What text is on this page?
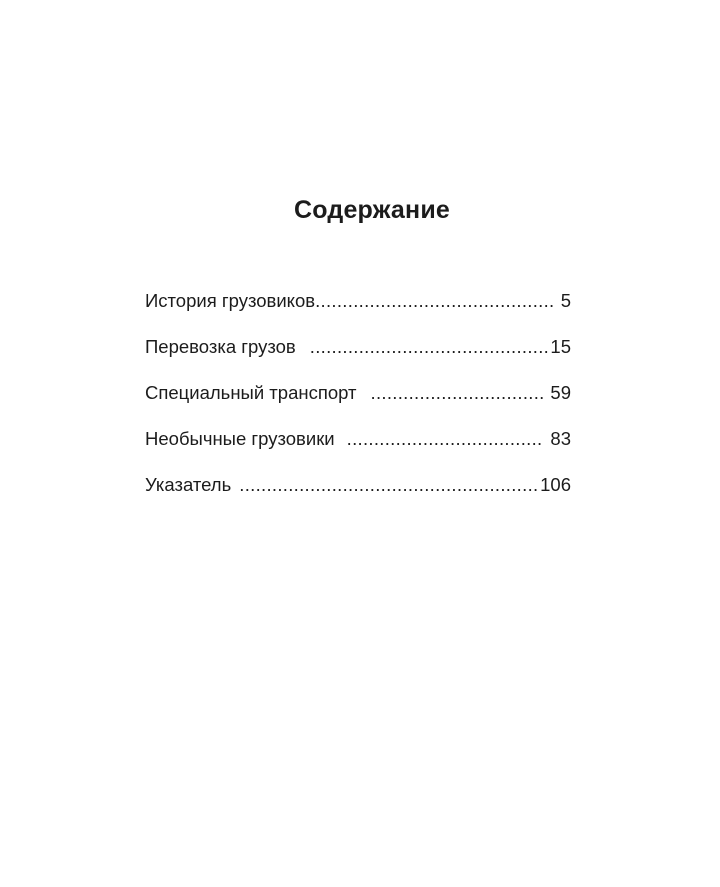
Содержание
История грузовиков .....	5
Перевозка грузов .....	15
Специальный транспорт .....	59
Необычные грузовики .....	83
Указатель .....	106
